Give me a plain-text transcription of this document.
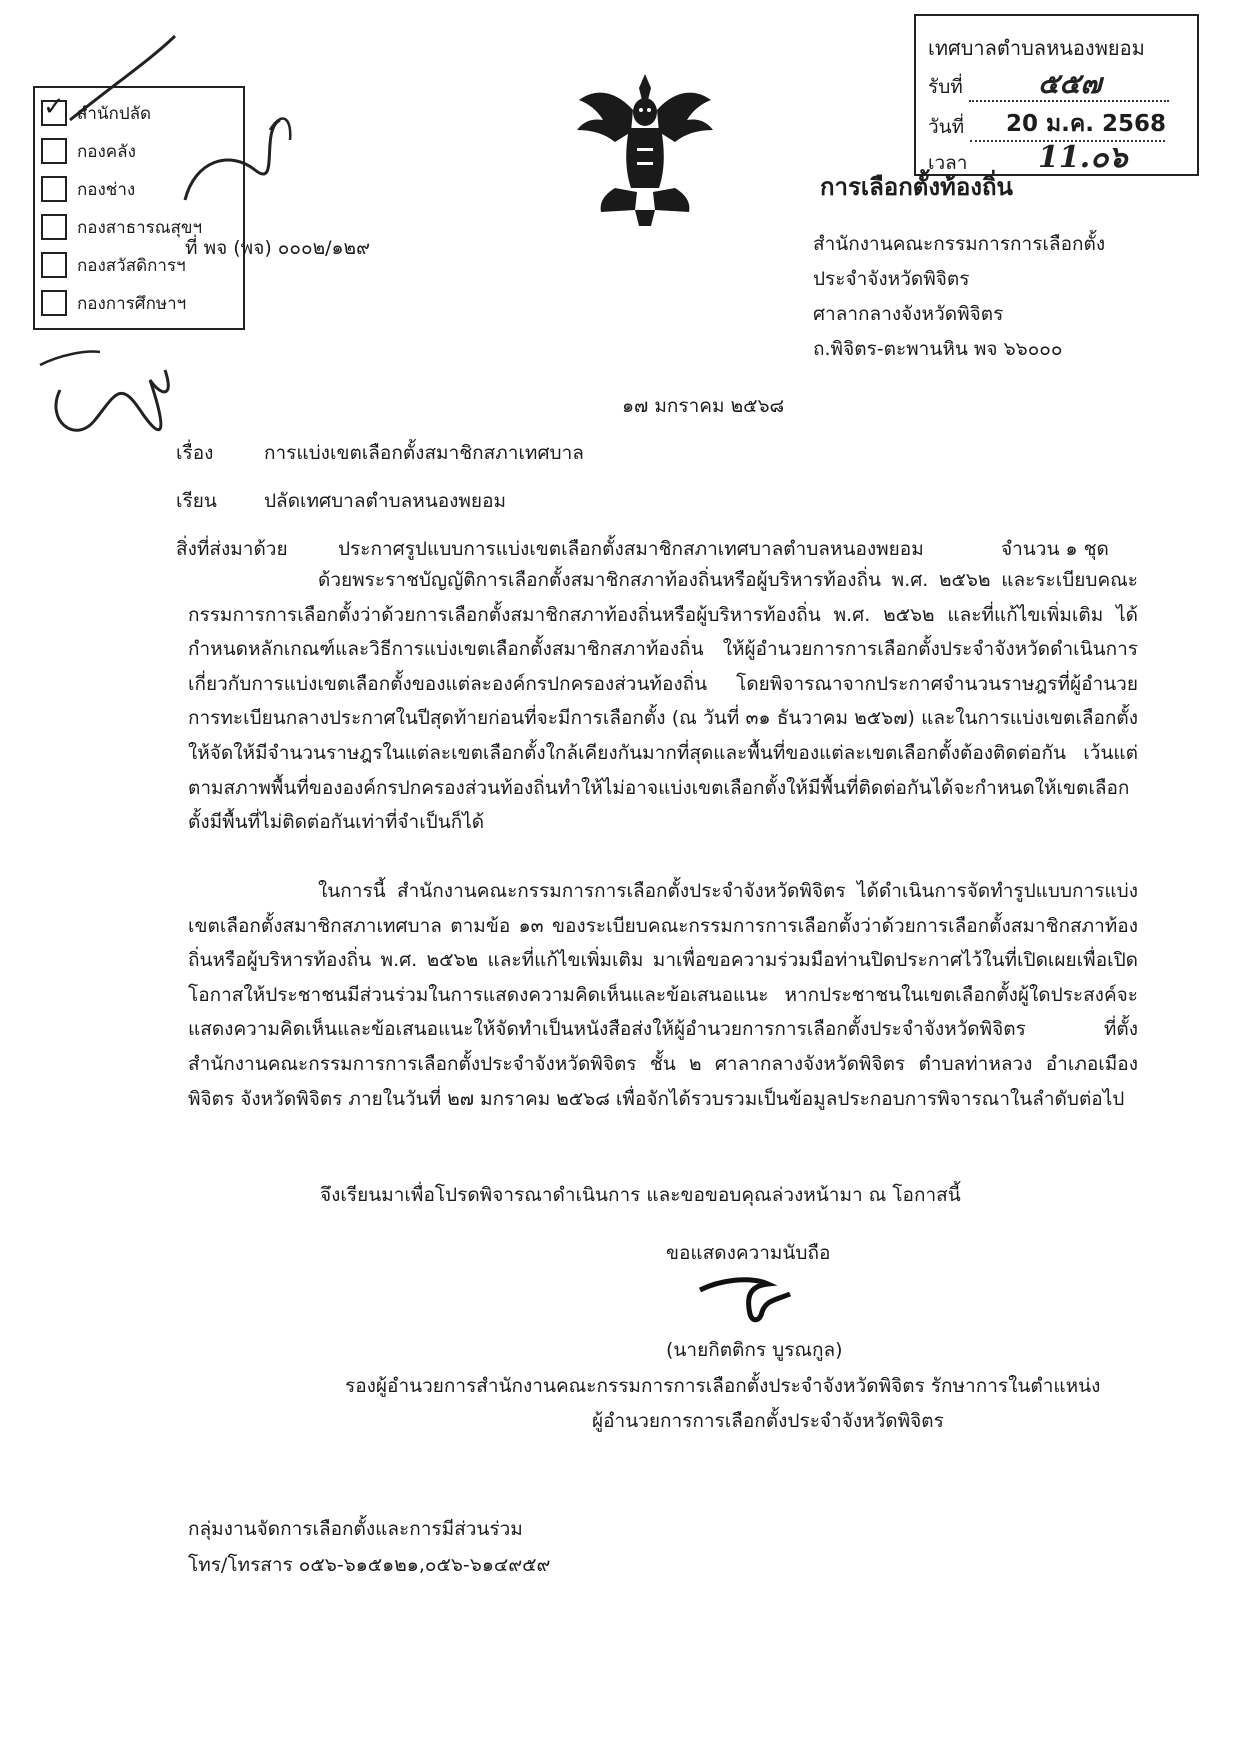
✓ สำนักปลัด
กองคลัง
กองช่าง
กองสาธารณสุขฯ
กองสวัสดิการฯ
กองการศึกษาฯ
เทศบาลตำบลหนองพยอม
รับที่	๕๕๗
วันที่ 20 ม.ค. 2568
เวลา 11.๐๖
การเลือกตั้งท้องถิ่น
ที่ พจ (พจ) ๐๐๐๒/๑๒๙	สำนักงานคณะกรรมการการเลือกตั้ง
ประจำจังหวัดพิจิตร
ศาลากลางจังหวัดพิจิตร
ถ.พิจิตร-ตะพานหิน พจ ๖๖๐๐๐
๑๗ มกราคม ๒๕๖๘
เรื่อง	การแบ่งเขตเลือกตั้งสมาชิกสภาเทศบาล
เรียน ปลัดเทศบาลตำบลหนองพยอม
สิ่งที่ส่งมาด้วย	ประกาศรูปแบบการแบ่งเขตเลือกตั้งสมาชิกสภาเทศบาลตำบลหนองพยอม	จำนวน ๑ ชุด
ด้วยพระราชบัญญัติการเลือกตั้งสมาชิกสภาท้องถิ่นหรือผู้บริหารท้องถิ่น พ.ศ. ๒๕๖๒ และระเบียบคณะกรรมการการเลือกตั้งว่าด้วยการเลือกตั้งสมาชิกสภาท้องถิ่นหรือผู้บริหารท้องถิ่น พ.ศ. ๒๕๖๒ และที่แก้ไขเพิ่มเติม ได้กำหนดหลักเกณฑ์และวิธีการแบ่งเขตเลือกตั้งสมาชิกสภาท้องถิ่น ให้ผู้อำนวยการการเลือกตั้งประจำจังหวัดดำเนินการเกี่ยวกับการแบ่งเขตเลือกตั้งของแต่ละองค์กรปกครองส่วนท้องถิ่น โดยพิจารณาจากประกาศจำนวนราษฎรที่ผู้อำนวยการทะเบียนกลางประกาศในปีสุดท้ายก่อนที่จะมีการเลือกตั้ง (ณ วันที่ ๓๑ ธันวาคม ๒๕๖๗) และในการแบ่งเขตเลือกตั้งให้จัดให้มีจำนวนราษฎรในแต่ละเขตเลือกตั้งใกล้เคียงกันมากที่สุดและพื้นที่ของแต่ละเขตเลือกตั้งต้องติดต่อกัน เว้นแต่ตามสภาพพื้นที่ขององค์กรปกครองส่วนท้องถิ่นทำให้ไม่อาจแบ่งเขตเลือกตั้งให้มีพื้นที่ติดต่อกันได้จะกำหนดให้เขตเลือกตั้งมีพื้นที่ไม่ติดต่อกันเท่าที่จำเป็นก็ได้
ในการนี้ สำนักงานคณะกรรมการการเลือกตั้งประจำจังหวัดพิจิตร ได้ดำเนินการจัดทำรูปแบบการแบ่งเขตเลือกตั้งสมาชิกสภาเทศบาล ตามข้อ ๑๓ ของระเบียบคณะกรรมการการเลือกตั้งว่าด้วยการเลือกตั้งสมาชิกสภาท้องถิ่นหรือผู้บริหารท้องถิ่น พ.ศ. ๒๕๖๒ และที่แก้ไขเพิ่มเติม มาเพื่อขอความร่วมมือท่านปิดประกาศไว้ในที่เปิดเผยเพื่อเปิดโอกาสให้ประชาชนมีส่วนร่วมในการแสดงความคิดเห็นและข้อเสนอแนะ หากประชาชนในเขตเลือกตั้งผู้ใดประสงค์จะแสดงความคิดเห็นและข้อเสนอแนะให้จัดทำเป็นหนังสือส่งให้ผู้อำนวยการการเลือกตั้งประจำจังหวัดพิจิตร ที่ตั้ง สำนักงานคณะกรรมการการเลือกตั้งประจำจังหวัดพิจิตร ชั้น ๒ ศาลากลางจังหวัดพิจิตร ตำบลท่าหลวง อำเภอเมืองพิจิตร จังหวัดพิจิตร ภายในวันที่ ๒๗ มกราคม ๒๕๖๘ เพื่อจักได้รวบรวมเป็นข้อมูลประกอบการพิจารณาในลำดับต่อไป
จึงเรียนมาเพื่อโปรดพิจารณาดำเนินการ และขอขอบคุณล่วงหน้ามา ณ โอกาสนี้
ขอแสดงความนับถือ
(นายกิตติกร บูรณกูล)
รองผู้อำนวยการสำนักงานคณะกรรมการการเลือกตั้งประจำจังหวัดพิจิตร รักษาการในตำแหน่ง
ผู้อำนวยการการเลือกตั้งประจำจังหวัดพิจิตร
กลุ่มงานจัดการเลือกตั้งและการมีส่วนร่วม
โทร/โทรสาร ๐๕๖-๖๑๕๑๒๑,๐๕๖-๖๑๔๙๕๙
